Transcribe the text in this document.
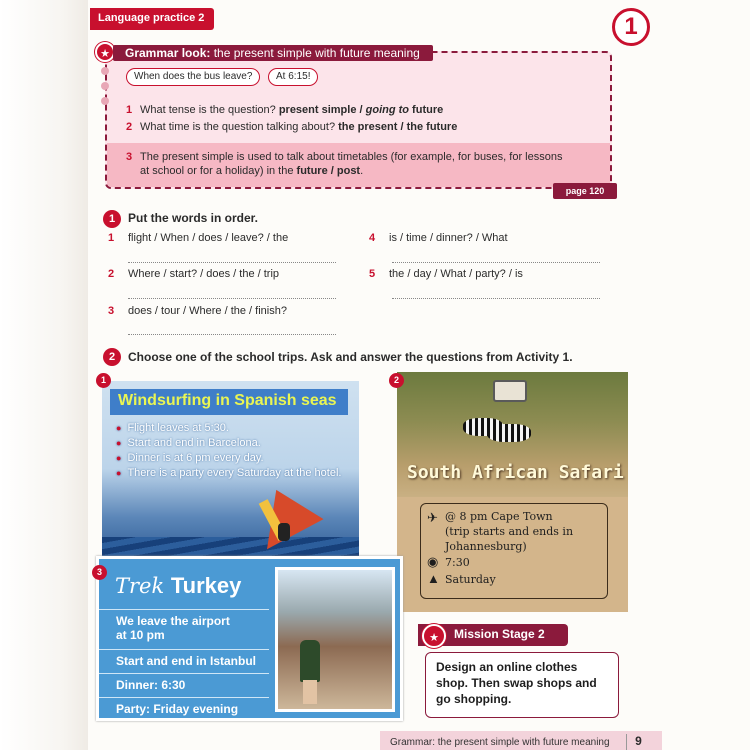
Language practice 2	1
★	Grammar look: the present simple with future meaning
When does the bus leave?	At 6:15!
1 What tense is the question? present simple / going to future
2 What time is the question talking about? the present / the future
3 The present simple is used to talk about timetables (for example, for buses, for lessons
at school or for a holiday) in the future / post.
page 120
1	Put the words in order.
1 flight / When / does / leave? / the
2 Where / start? / does / the / trip
3 does / tour / Where / the / finish?
4 is / time / dinner? / What
5 the / day / What / party? / is
2	Choose one of the school trips. Ask and answer the questions from Activity 1.
Windsurfing in Spanish seas
● Flight leaves at 5:30.
● Start and end in Barcelona.
● Dinner is at 6 pm every day.
● There is a party every Saturday at the hotel.
1
South African Safari
✈ @ 8 pm Cape Town
(trip starts and ends in
Johannesburg)
◉ 7:30
▲ Saturday
2
Trek Turkey
We leave the airport
at 10 pm
Start and end in Istanbul
Dinner: 6:30
Party: Friday evening
3
Mission Stage 2
★
Design an online clothes
shop. Then swap shops and
go shopping.
Grammar: the present simple with future meaning	9
